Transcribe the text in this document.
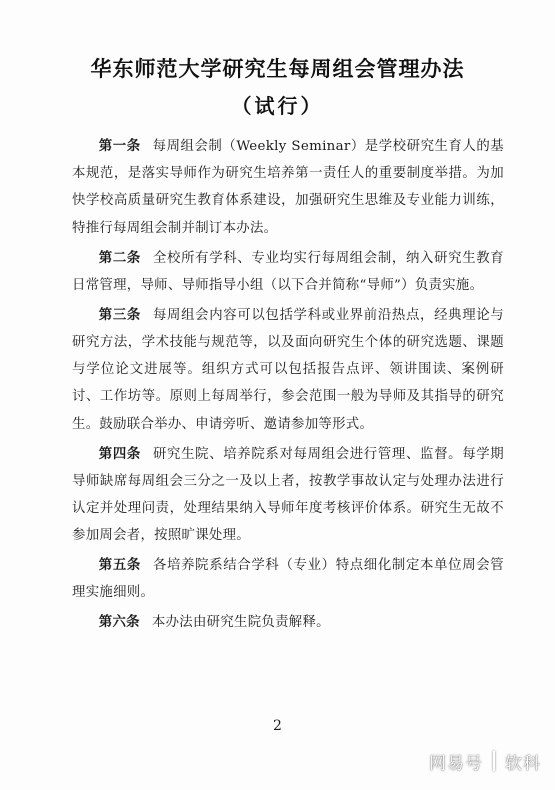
华东师范大学研究生每周组会管理办法
（试行）

第一条 每周组会制（Weekly Seminar）是学校研究生育人的基本规范，是落实导师作为研究生培养第一责任人的重要制度举措。为加快学校高质量研究生教育体系建设，加强研究生思维及专业能力训练，特推行每周组会制并制订本办法。

第二条 全校所有学科、专业均实行每周组会制，纳入研究生教育日常管理，导师、导师指导小组（以下合并简称“导师”）负责实施。

第三条 每周组会内容可以包括学科或业界前沿热点，经典理论与研究方法，学术技能与规范等，以及面向研究生个体的研究选题、课题与学位论文进展等。组织方式可以包括报告点评、领讲围读、案例研讨、工作坊等。原则上每周举行，参会范围一般为导师及其指导的研究生。鼓励联合举办、申请旁听、邀请参加等形式。

第四条 研究生院、培养院系对每周组会进行管理、监督。每学期导师缺席每周组会三分之一及以上者，按教学事故认定与处理办法进行认定并处理问责，处理结果纳入导师年度考核评价体系。研究生无故不参加周会者，按照旷课处理。

第五条 各培养院系结合学科（专业）特点细化制定本单位周会管理实施细则。

第六条 本办法由研究生院负责解释。

2
网易号 软科
